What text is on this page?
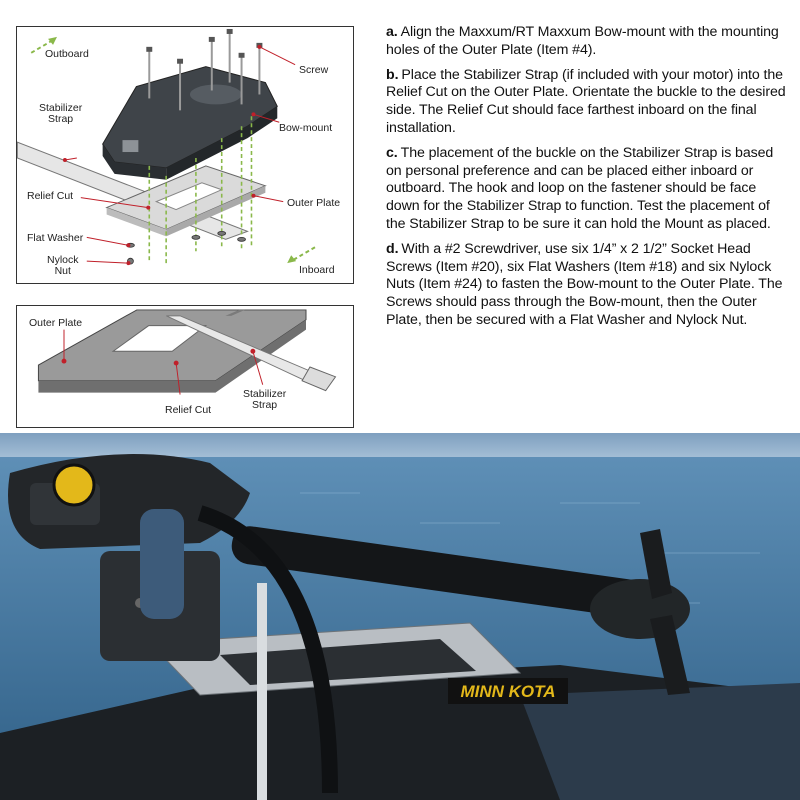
Outboard
Screw
Stabilizer
Strap
Bow-mount
Relief Cut
Outer Plate
Flat Washer
Nylock
Nut	Inboard
Outer Plate
Relief Cut
Stabilizer
Strap

a. Align the Maxxum/RT Maxxum Bow-mount with the mounting holes of the Outer Plate (Item #4).

b. Place the Stabilizer Strap (if included with your motor) into the Relief Cut on the Outer Plate. Orientate the buckle to the desired side. The Relief Cut should face farthest inboard on the final installation.

c. The placement of the buckle on the Stabilizer Strap is based on personal preference and can be placed either inboard or outboard. The hook and loop on the fastener should be face down for the Stabilizer Strap to function. Test the placement of the Stabilizer Strap to be sure it can hold the Mount as placed.

d. With a #2 Screwdriver, use six 1/4” x 2 1/2” Socket Head Screws (Item #20), six Flat Washers (Item #18) and six Nylock Nuts (Item #24) to fasten the Bow-mount to the Outer Plate. The Screws should pass through the Bow-mount, then the Outer Plate, then be secured with a Flat Washer and Nylock Nut.

MINN KOTA
